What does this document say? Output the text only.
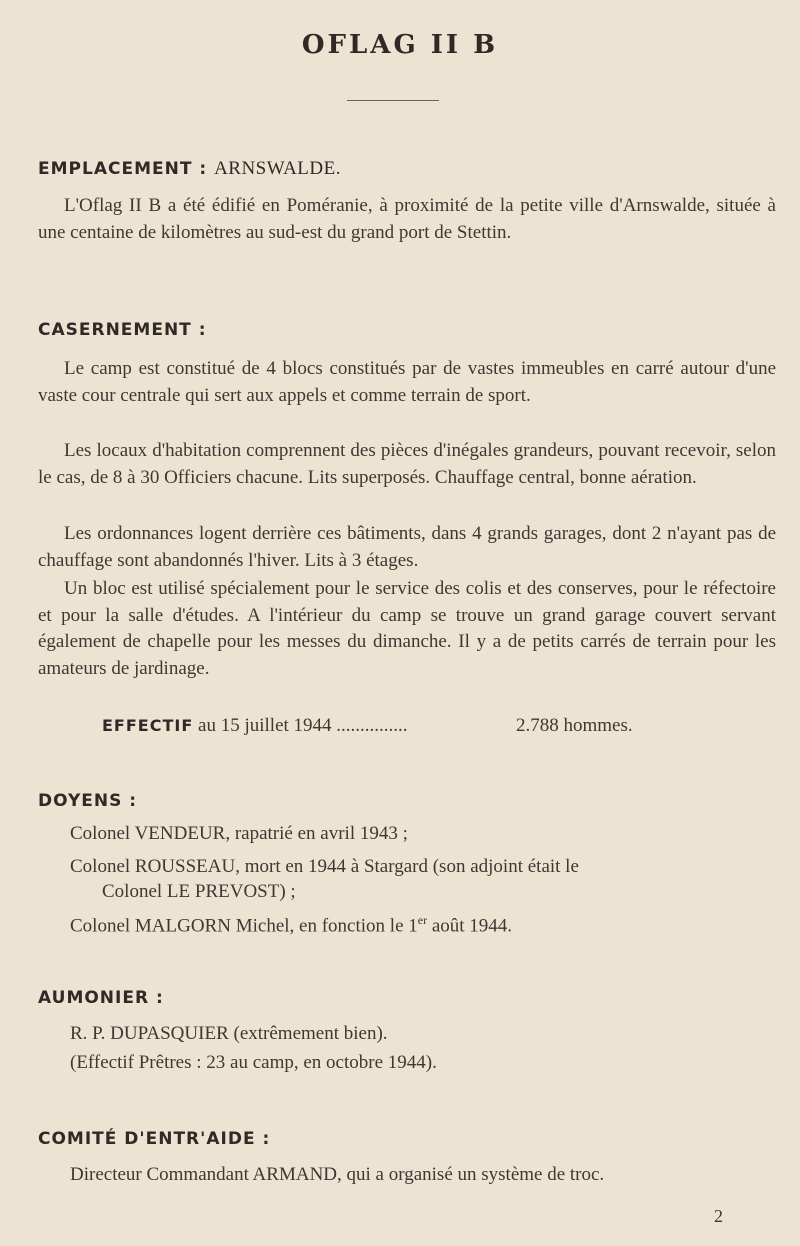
OFLAG II B
EMPLACEMENT : ARNSWALDE.
L'Oflag II B a été édifié en Poméranie, à proximité de la petite ville d'Arnswalde, située à une centaine de kilomètres au sud-est du grand port de Stettin.
CASERNEMENT :
Le camp est constitué de 4 blocs constitués par de vastes immeubles en carré autour d'une vaste cour centrale qui sert aux appels et comme terrain de sport.
Les locaux d'habitation comprennent des pièces d'inégales grandeurs, pouvant recevoir, selon le cas, de 8 à 30 Officiers chacune. Lits superposés. Chauffage central, bonne aération.
Les ordonnances logent derrière ces bâtiments, dans 4 grands garages, dont 2 n'ayant pas de chauffage sont abandonnés l'hiver. Lits à 3 étages.
Un bloc est utilisé spécialement pour le service des colis et des conserves, pour le réfectoire et pour la salle d'études. A l'intérieur du camp se trouve un grand garage couvert servant également de chapelle pour les messes du dimanche. Il y a de petits carrés de terrain pour les amateurs de jardinage.
EFFECTIF au 15 juillet 1944 ...............	2.788 hommes.
DOYENS :
Colonel VENDEUR, rapatrié en avril 1943 ;
Colonel ROUSSEAU, mort en 1944 à Stargard (son adjoint était le
Colonel LE PREVOST) ;
Colonel MALGORN Michel, en fonction le 1er août 1944.
AUMONIER :
R. P. DUPASQUIER (extrêmement bien).
(Effectif Prêtres : 23 au camp, en octobre 1944).
COMITÉ D'ENTR'AIDE :
Directeur Commandant ARMAND, qui a organisé un système de troc.
2
